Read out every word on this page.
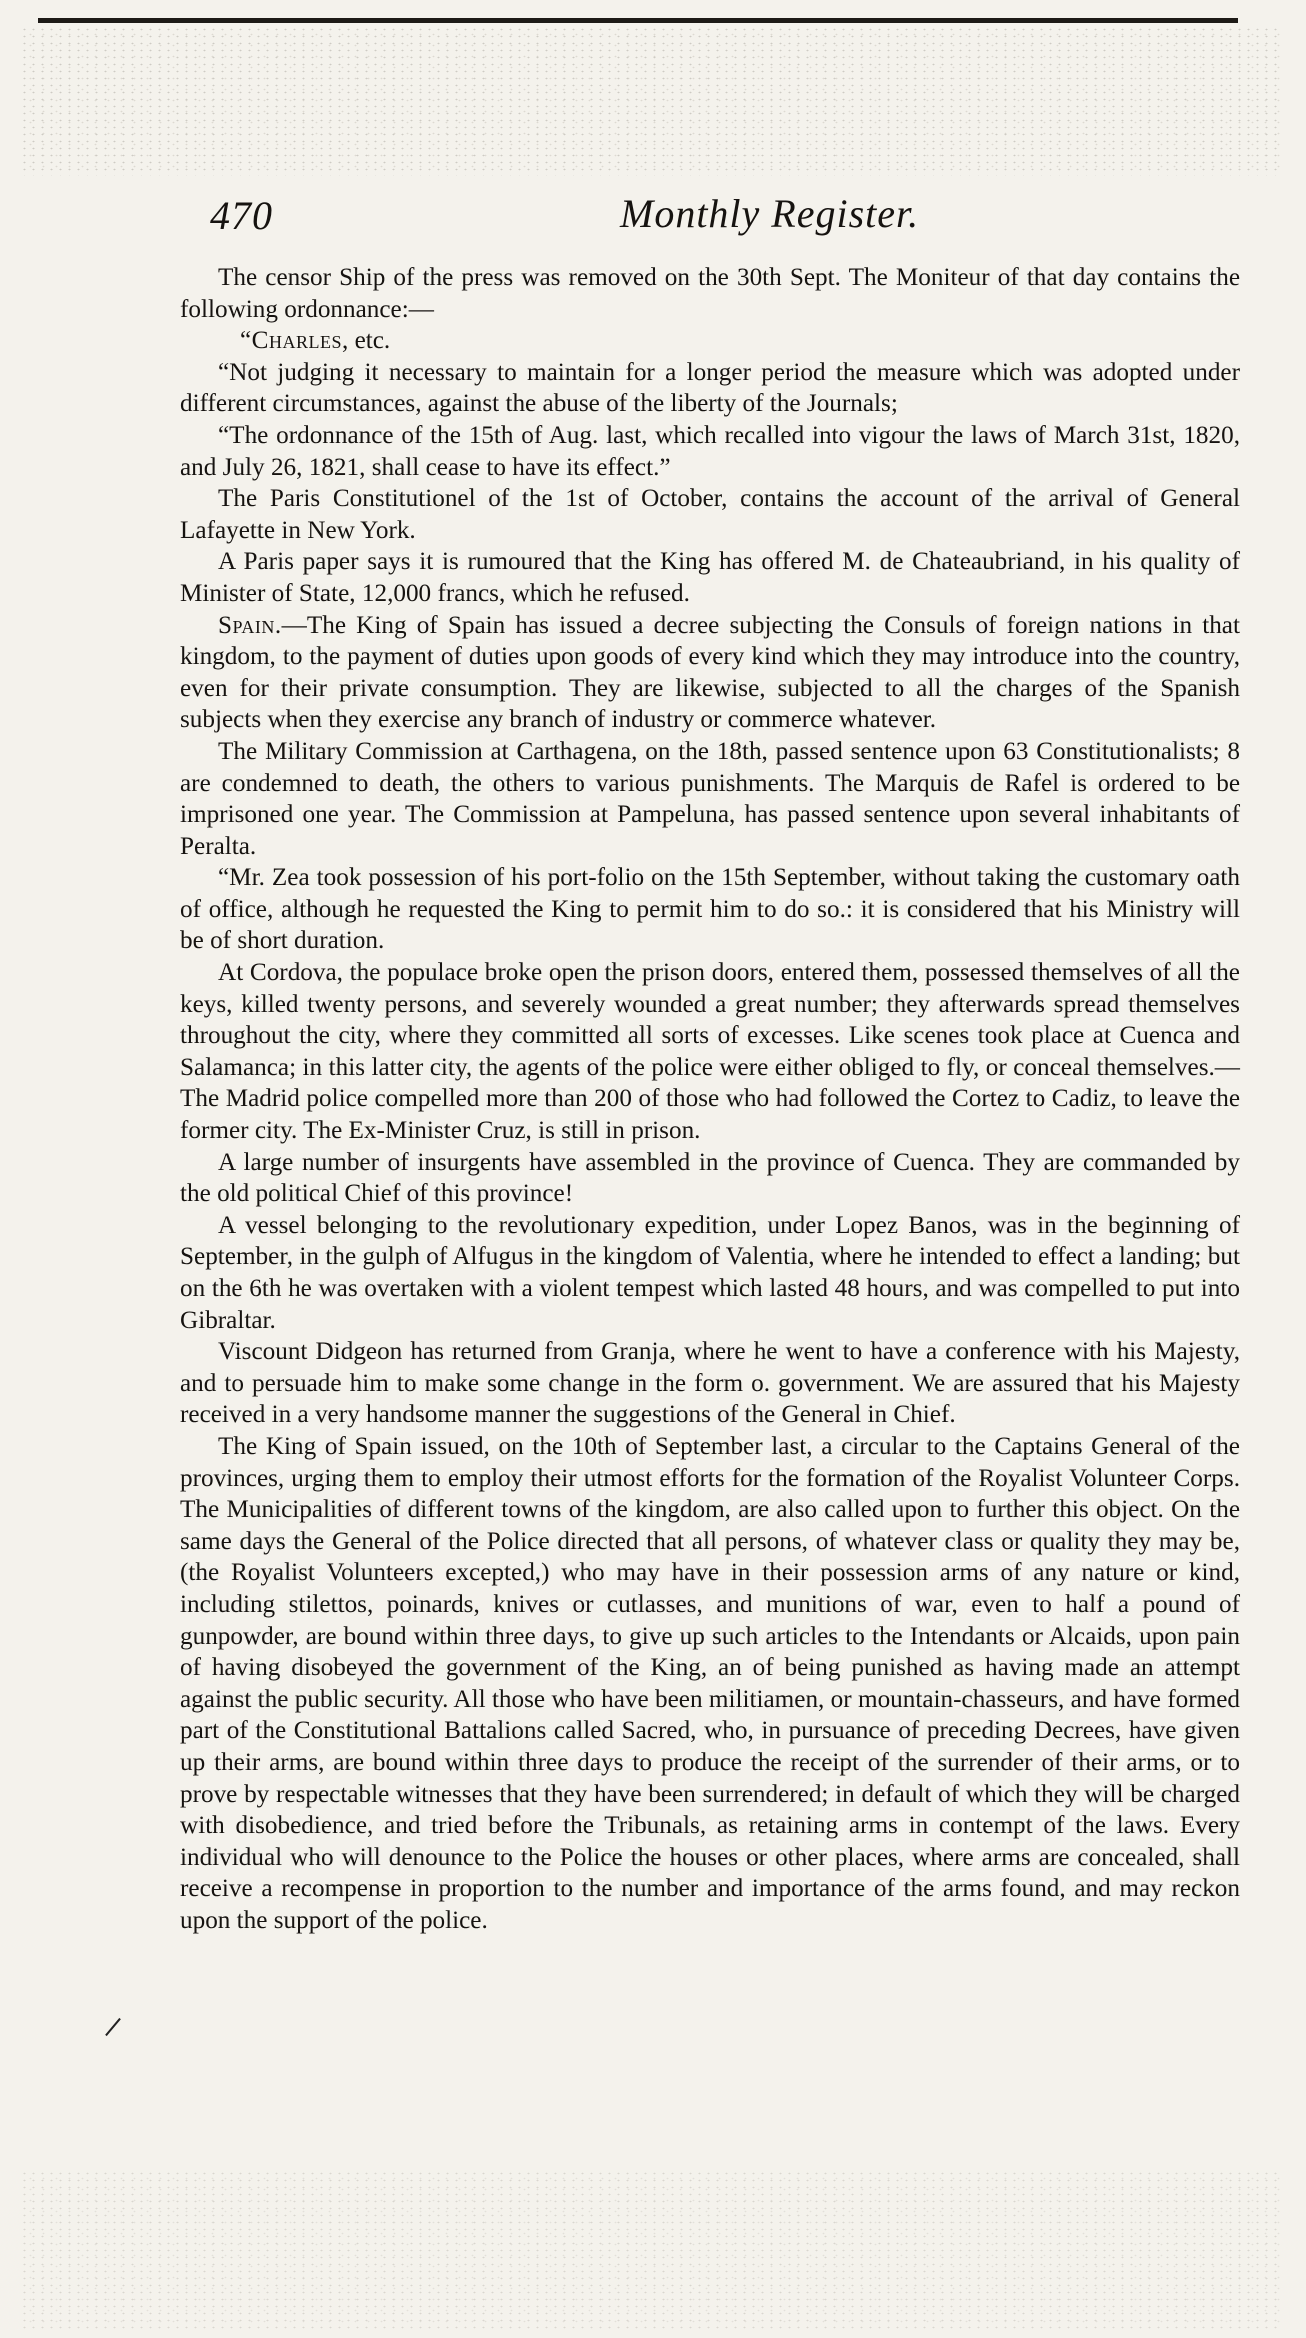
470	Monthly Register.

The censor Ship of the press was removed on the 30th Sept. The Moniteur of that day contains the following ordonnance:—

“Charles, etc.

“Not judging it necessary to maintain for a longer period the measure which was adopted under different circumstances, against the abuse of the liberty of the Journals;

“The ordonnance of the 15th of Aug. last, which recalled into vigour the laws of March 31st, 1820, and July 26, 1821, shall cease to have its effect.”

The Paris Constitutionel of the 1st of October, contains the account of the arrival of General Lafayette in New York.

A Paris paper says it is rumoured that the King has offered M. de Chateaubriand, in his quality of Minister of State, 12,000 francs, which he refused.

Spain.—The King of Spain has issued a decree subjecting the Consuls of foreign nations in that kingdom, to the payment of duties upon goods of every kind which they may introduce into the country, even for their private consumption. They are likewise, subjected to all the charges of the Spanish subjects when they exercise any branch of industry or commerce whatever.

The Military Commission at Carthagena, on the 18th, passed sentence upon 63 Constitutionalists; 8 are condemned to death, the others to various punishments. The Marquis de Rafel is ordered to be imprisoned one year. The Commission at Pampeluna, has passed sentence upon several inhabitants of Peralta.

“Mr. Zea took possession of his port-folio on the 15th September, without taking the customary oath of office, although he requested the King to permit him to do so.: it is considered that his Ministry will be of short duration.

At Cordova, the populace broke open the prison doors, entered them, possessed themselves of all the keys, killed twenty persons, and severely wounded a great number; they afterwards spread themselves throughout the city, where they committed all sorts of excesses. Like scenes took place at Cuenca and Salamanca; in this latter city, the agents of the police were either obliged to fly, or conceal themselves.—The Madrid police compelled more than 200 of those who had followed the Cortez to Cadiz, to leave the former city. The Ex-Minister Cruz, is still in prison.

A large number of insurgents have assembled in the province of Cuenca. They are commanded by the old political Chief of this province!

A vessel belonging to the revolutionary expedition, under Lopez Banos, was in the beginning of September, in the gulph of Alfugus in the kingdom of Valentia, where he intended to effect a landing; but on the 6th he was overtaken with a violent tempest which lasted 48 hours, and was compelled to put into Gibraltar.

Viscount Didgeon has returned from Granja, where he went to have a conference with his Majesty, and to persuade him to make some change in the form o. government. We are assured that his Majesty received in a very handsome manner the suggestions of the General in Chief.

The King of Spain issued, on the 10th of September last, a circular to the Captains General of the provinces, urging them to employ their utmost efforts for the formation of the Royalist Volunteer Corps. The Municipalities of different towns of the kingdom, are also called upon to further this object. On the same days the General of the Police directed that all persons, of whatever class or quality they may be, (the Royalist Volunteers excepted,) who may have in their possession arms of any nature or kind, including stilettos, poinards, knives or cutlasses, and munitions of war, even to half a pound of gunpowder, are bound within three days, to give up such articles to the Intendants or Alcaids, upon pain of having disobeyed the government of the King, an of being punished as having made an attempt against the public security. All those who have been militiamen, or mountain-chasseurs, and have formed part of the Constitutional Battalions called Sacred, who, in pursuance of preceding Decrees, have given up their arms, are bound within three days to produce the receipt of the surrender of their arms, or to prove by respectable witnesses that they have been surrendered; in default of which they will be charged with disobedience, and tried before the Tribunals, as retaining arms in contempt of the laws. Every individual who will denounce to the Police the houses or other places, where arms are concealed, shall receive a recompense in proportion to the number and importance of the arms found, and may reckon upon the support of the police.
